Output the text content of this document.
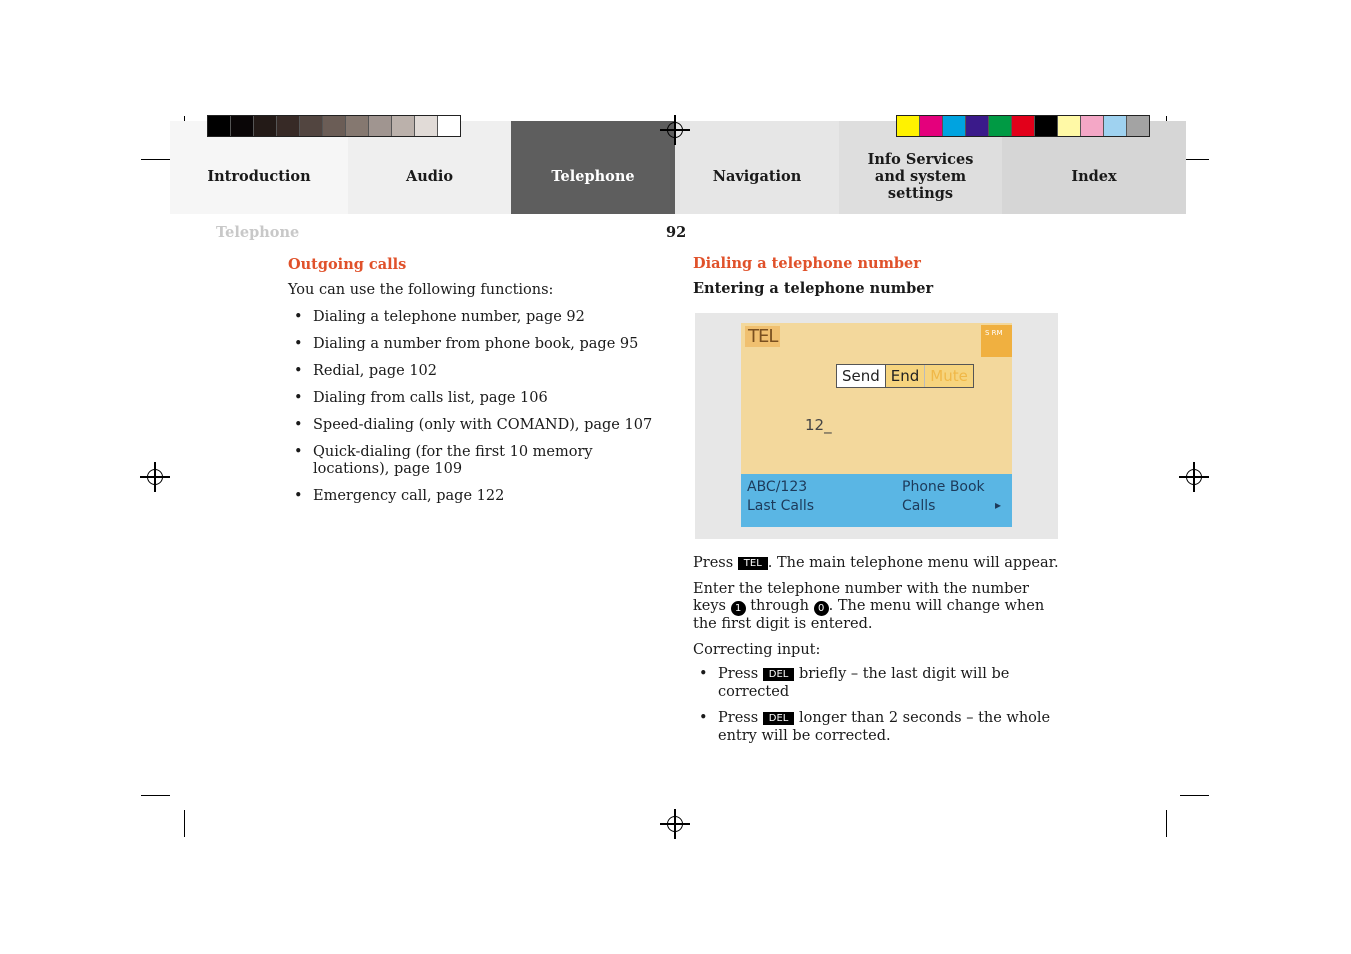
Introduction	Audio	Telephone	Navigation
Info Services and system settings
Index
Telephone	92
Outgoing calls
You can use the following functions:
• Dialing a telephone number, page 92
• Dialing a number from phone book, page 95
• Redial, page 102
• Dialing from calls list, page 106
• Speed-dialing (only with COMAND), page 107
• Quick-dialing (for the first 10 memory locations), page 109
• Emergency call, page 122
Dialing a telephone number
Entering a telephone number
TEL	S RM
Send End Mute
12_
ABC/123	Phone Book
Last Calls	Calls	▸
Press TEL . The main telephone menu will appear.
Enter the telephone number with the number keys 1 through 0 . The menu will change when the first digit is entered.
Correcting input:
• Press DEL briefly – the last digit will be corrected
• Press DEL longer than 2 seconds – the whole entry will be corrected.
